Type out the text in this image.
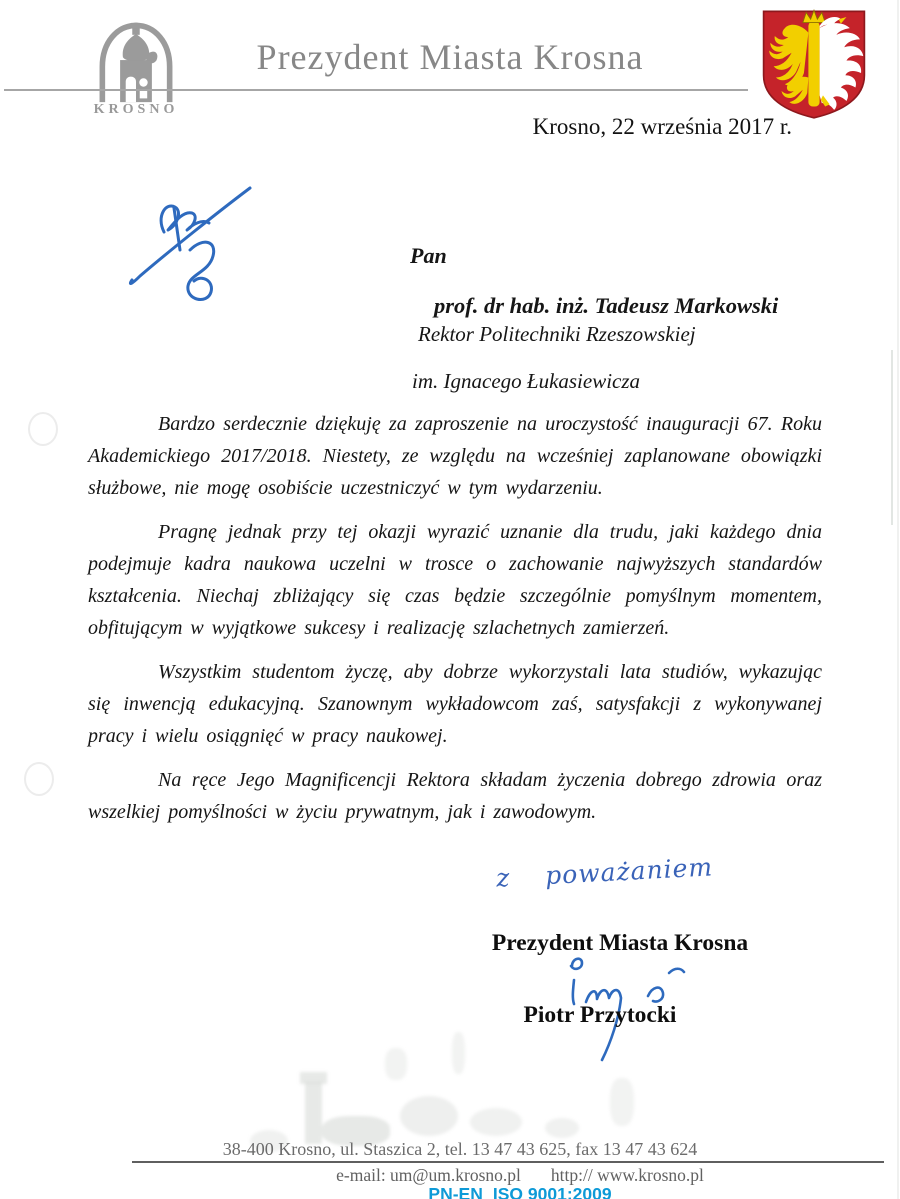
KROSNO
Prezydent Miasta Krosna
Krosno, 22 września 2017 r.

Pan

prof. dr hab. inż. Tadeusz Markowski

Rektor Politechniki Rzeszowskiej

im. Ignacego Łukasiewicza

Bardzo serdecznie dziękuję za zaproszenie na uroczystość inauguracji 67. Roku Akademickiego 2017/2018. Niestety, ze względu na wcześniej zaplanowane obowiązki służbowe, nie mogę osobiście uczestniczyć w tym wydarzeniu.

Pragnę jednak przy tej okazji wyrazić uznanie dla trudu, jaki każdego dnia podejmuje kadra naukowa uczelni w trosce o zachowanie najwyższych standardów kształcenia. Niechaj zbliżający się czas będzie szczególnie pomyślnym momentem, obfitującym w wyjątkowe sukcesy i realizację szlachetnych zamierzeń.

Wszystkim studentom życzę, aby dobrze wykorzystali lata studiów, wykazując się inwencją edukacyjną. Szanownym wykładowcom zaś, satysfakcji z wykonywanej pracy i wielu osiągnięć w pracy naukowej.

Na ręce Jego Magnificencji Rektora składam życzenia dobrego zdrowia oraz wszelkiej pomyślności w życiu prywatnym, jak i zawodowym.

z poważaniem
Prezydent Miasta Krosna
Piotr Przytocki
38-400 Krosno, ul. Staszica 2, tel. 13 47 43 625, fax 13 47 43 624
e-mail: um@um.krosno.pl http:// www.krosno.pl
PN-EN ISO 9001:2009
